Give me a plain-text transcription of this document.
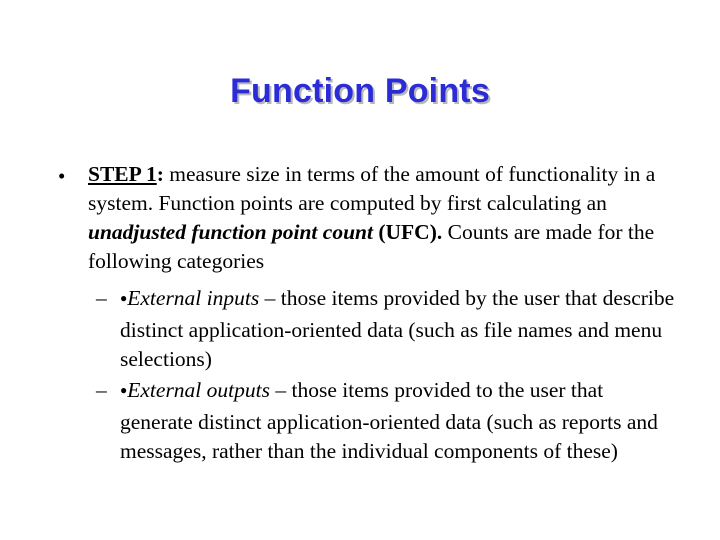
Function Points
• STEP 1: measure size in terms of the amount of functionality in a system. Function points are computed by first calculating an unadjusted function point count (UFC). Counts are made for the following categories
– ●External inputs – those items provided by the user that describe distinct application-oriented data (such as file names and menu selections)
– ●External outputs – those items provided to the user that generate distinct application-oriented data (such as reports and messages, rather than the individual components of these)
